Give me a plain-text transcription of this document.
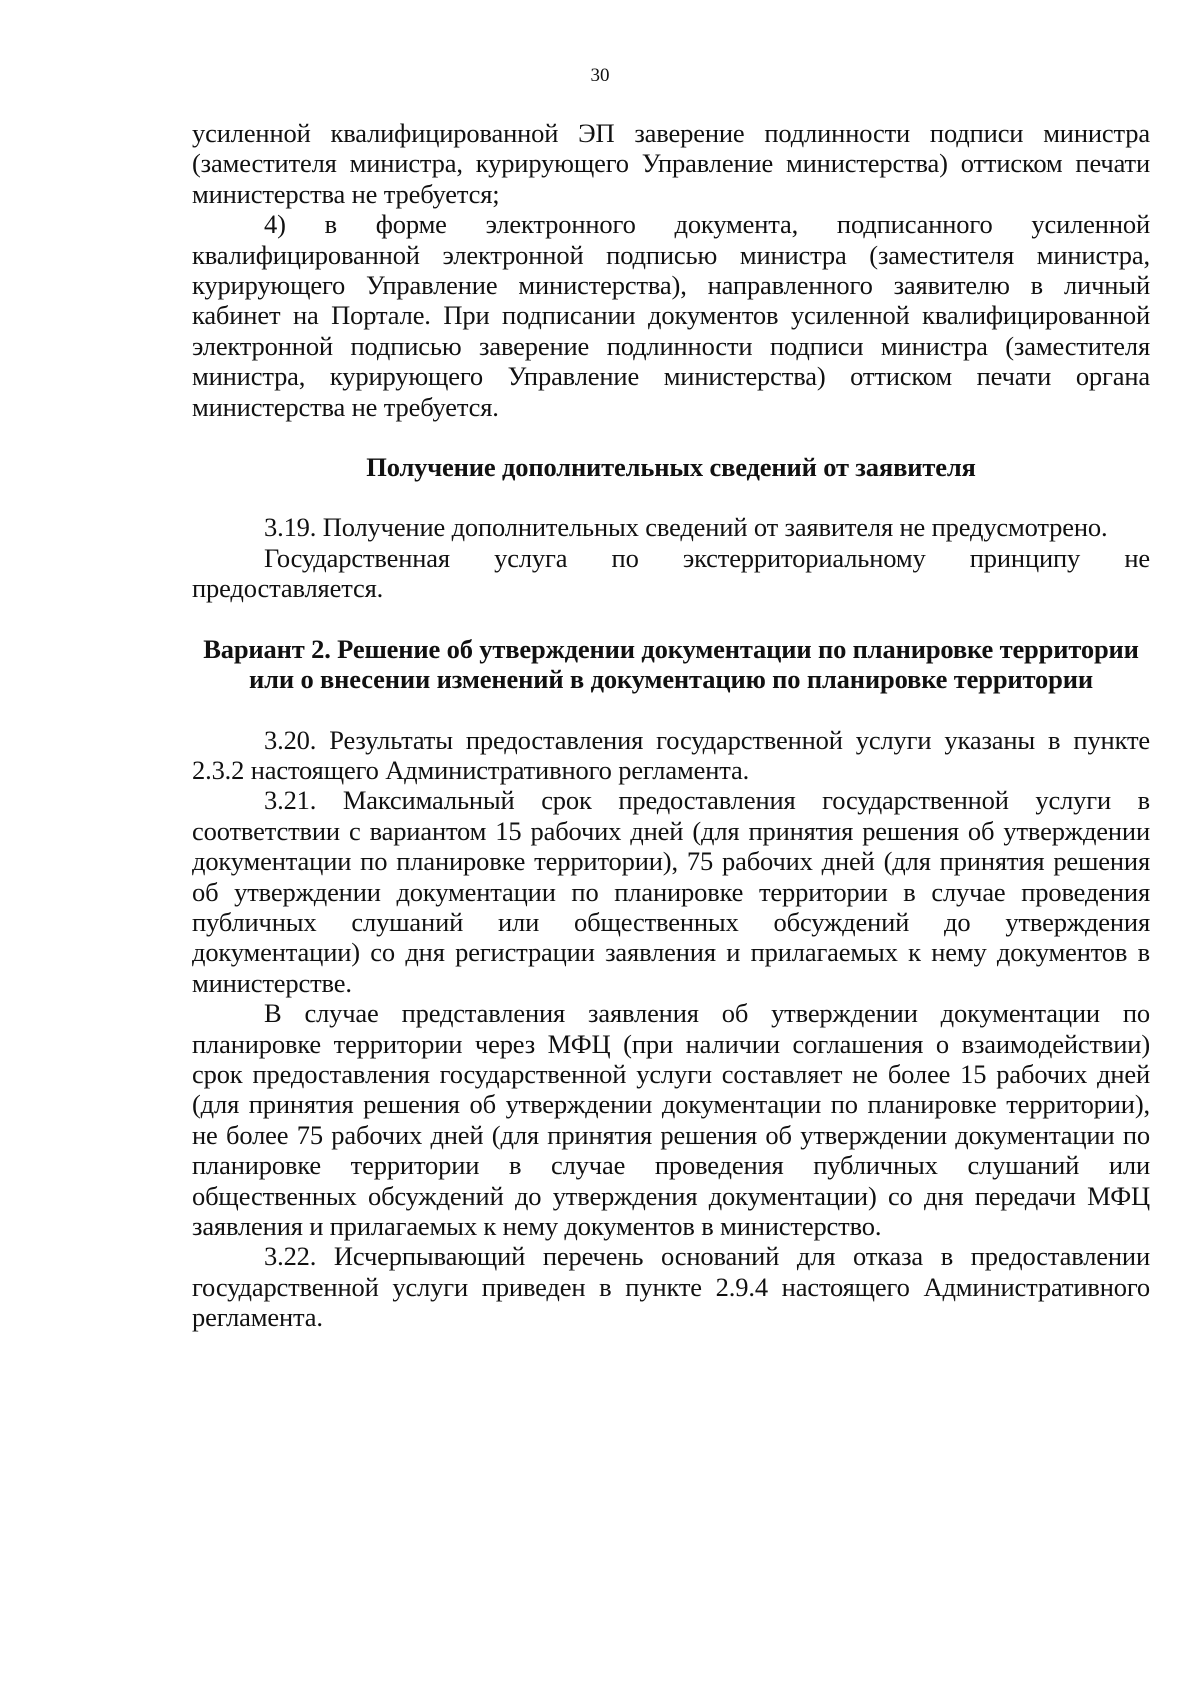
30

усиленной квалифицированной ЭП заверение подлинности подписи министра (заместителя министра, курирующего Управление министерства) оттиском печати министерства не требуется;

4) в форме электронного документа, подписанного усиленной квалифицированной электронной подписью министра (заместителя министра, курирующего Управление министерства), направленного заявителю в личный кабинет на Портале. При подписании документов усиленной квалифицированной электронной подписью заверение подлинности подписи министра (заместителя министра, курирующего Управление министерства) оттиском печати органа министерства не требуется.

Получение дополнительных сведений от заявителя

3.19. Получение дополнительных сведений от заявителя не предусмотрено.

Государственная услуга по экстерриториальному принципу не предоставляется.

Вариант 2. Решение об утверждении документации по планировке территории или о внесении изменений в документацию по планировке территории

3.20. Результаты предоставления государственной услуги указаны в пункте 2.3.2 настоящего Административного регламента.

3.21. Максимальный срок предоставления государственной услуги в соответствии с вариантом 15 рабочих дней (для принятия решения об утверждении документации по планировке территории), 75 рабочих дней (для принятия решения об утверждении документации по планировке территории в случае проведения публичных слушаний или общественных обсуждений до утверждения документации) со дня регистрации заявления и прилагаемых к нему документов в министерстве.

В случае представления заявления об утверждении документации по планировке территории через МФЦ (при наличии соглашения о взаимодействии) срок предоставления государственной услуги составляет не более 15 рабочих дней (для принятия решения об утверждении документации по планировке территории), не более 75 рабочих дней (для принятия решения об утверждении документации по планировке территории в случае проведения публичных слушаний или общественных обсуждений до утверждения документации) со дня передачи МФЦ заявления и прилагаемых к нему документов в министерство.

3.22. Исчерпывающий перечень оснований для отказа в предоставлении государственной услуги приведен в пункте 2.9.4 настоящего Административного регламента.
